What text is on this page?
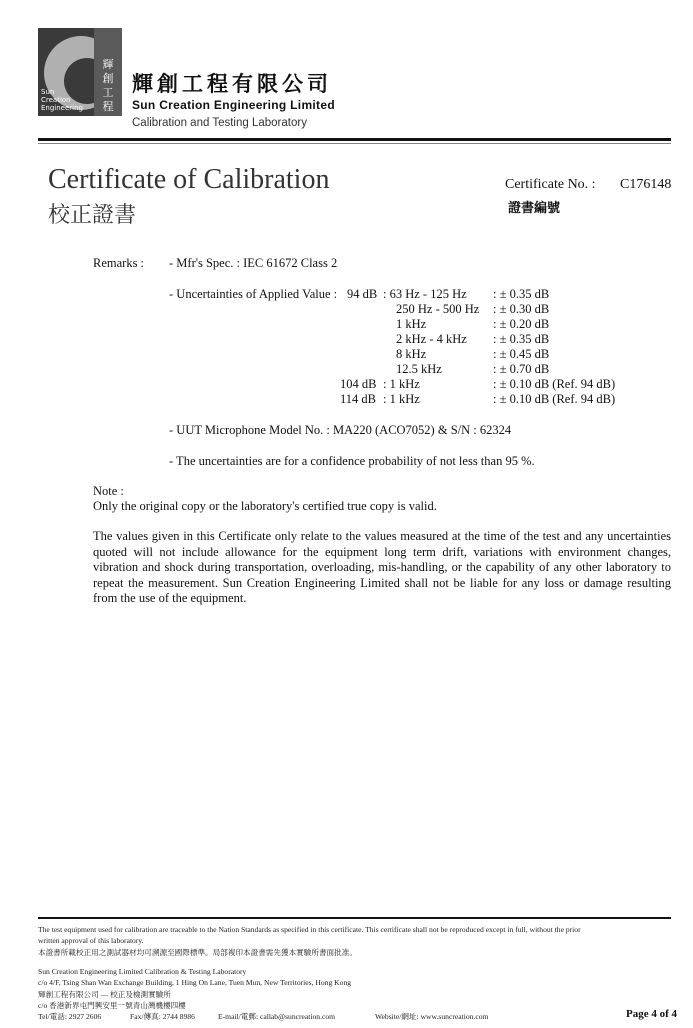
輝
創
工
程
Sun
Creation
Engineering
輝創工程有限公司
Sun Creation Engineering Limited
Calibration and Testing Laboratory
Certificate of Calibration
校正證書
Certificate No. : C176148
證書編號
Remarks : - Mfr's Spec. : IEC 61672 Class 2
- Uncertainties of Applied Value : 94 dB : 63 Hz - 125 Hz : ± 0.35 dB
250 Hz - 500 Hz : ± 0.30 dB
1 kHz	: ± 0.20 dB
2 kHz - 4 kHz : ± 0.35 dB
8 kHz	: ± 0.45 dB
12.5 kHz	: ± 0.70 dB
104 dB : 1 kHz	: ± 0.10 dB (Ref. 94 dB)
114 dB : 1 kHz	: ± 0.10 dB (Ref. 94 dB)
- UUT Microphone Model No. : MA220 (ACO7052) & S/N : 62324
- The uncertainties are for a confidence probability of not less than 95 %.
Note :
Only the original copy or the laboratory's certified true copy is valid.
The values given in this Certificate only relate to the values measured at the time of the test and any uncertainties quoted will not include allowance for the equipment long term drift, variations with environment changes, vibration and shock during transportation, overloading, mis-handling, or the capability of any other laboratory to repeat the measurement. Sun Creation Engineering Limited shall not be liable for any loss or damage resulting from the use of the equipment.
The test equipment used for calibration are traceable to the Nation Standards as specified in this certificate. This certificate shall not be reproduced except in full, without the prior
written approval of this laboratory.
本證書所載校正用之測試器材均可溯源至國際標準。局部複印本證書需先獲本實驗所書面批准。
Sun Creation Engineering Limited Calibration & Testing Laboratory
c/o 4/F, Tsing Shan Wan Exchange Building, 1 Hing On Lane, Tuen Mun, New Territories, Hong Kong
輝創工程有限公司 — 校正及檢測實驗所
c/o 香港新界屯門興安里一號青山灣機樓四樓
Tel/電話: 2927 2606	Fax/傳真: 2744 8986	E-mail/電郵: callab@suncreation.com	Website/網址: www.suncreation.com	Page 4 of 4
